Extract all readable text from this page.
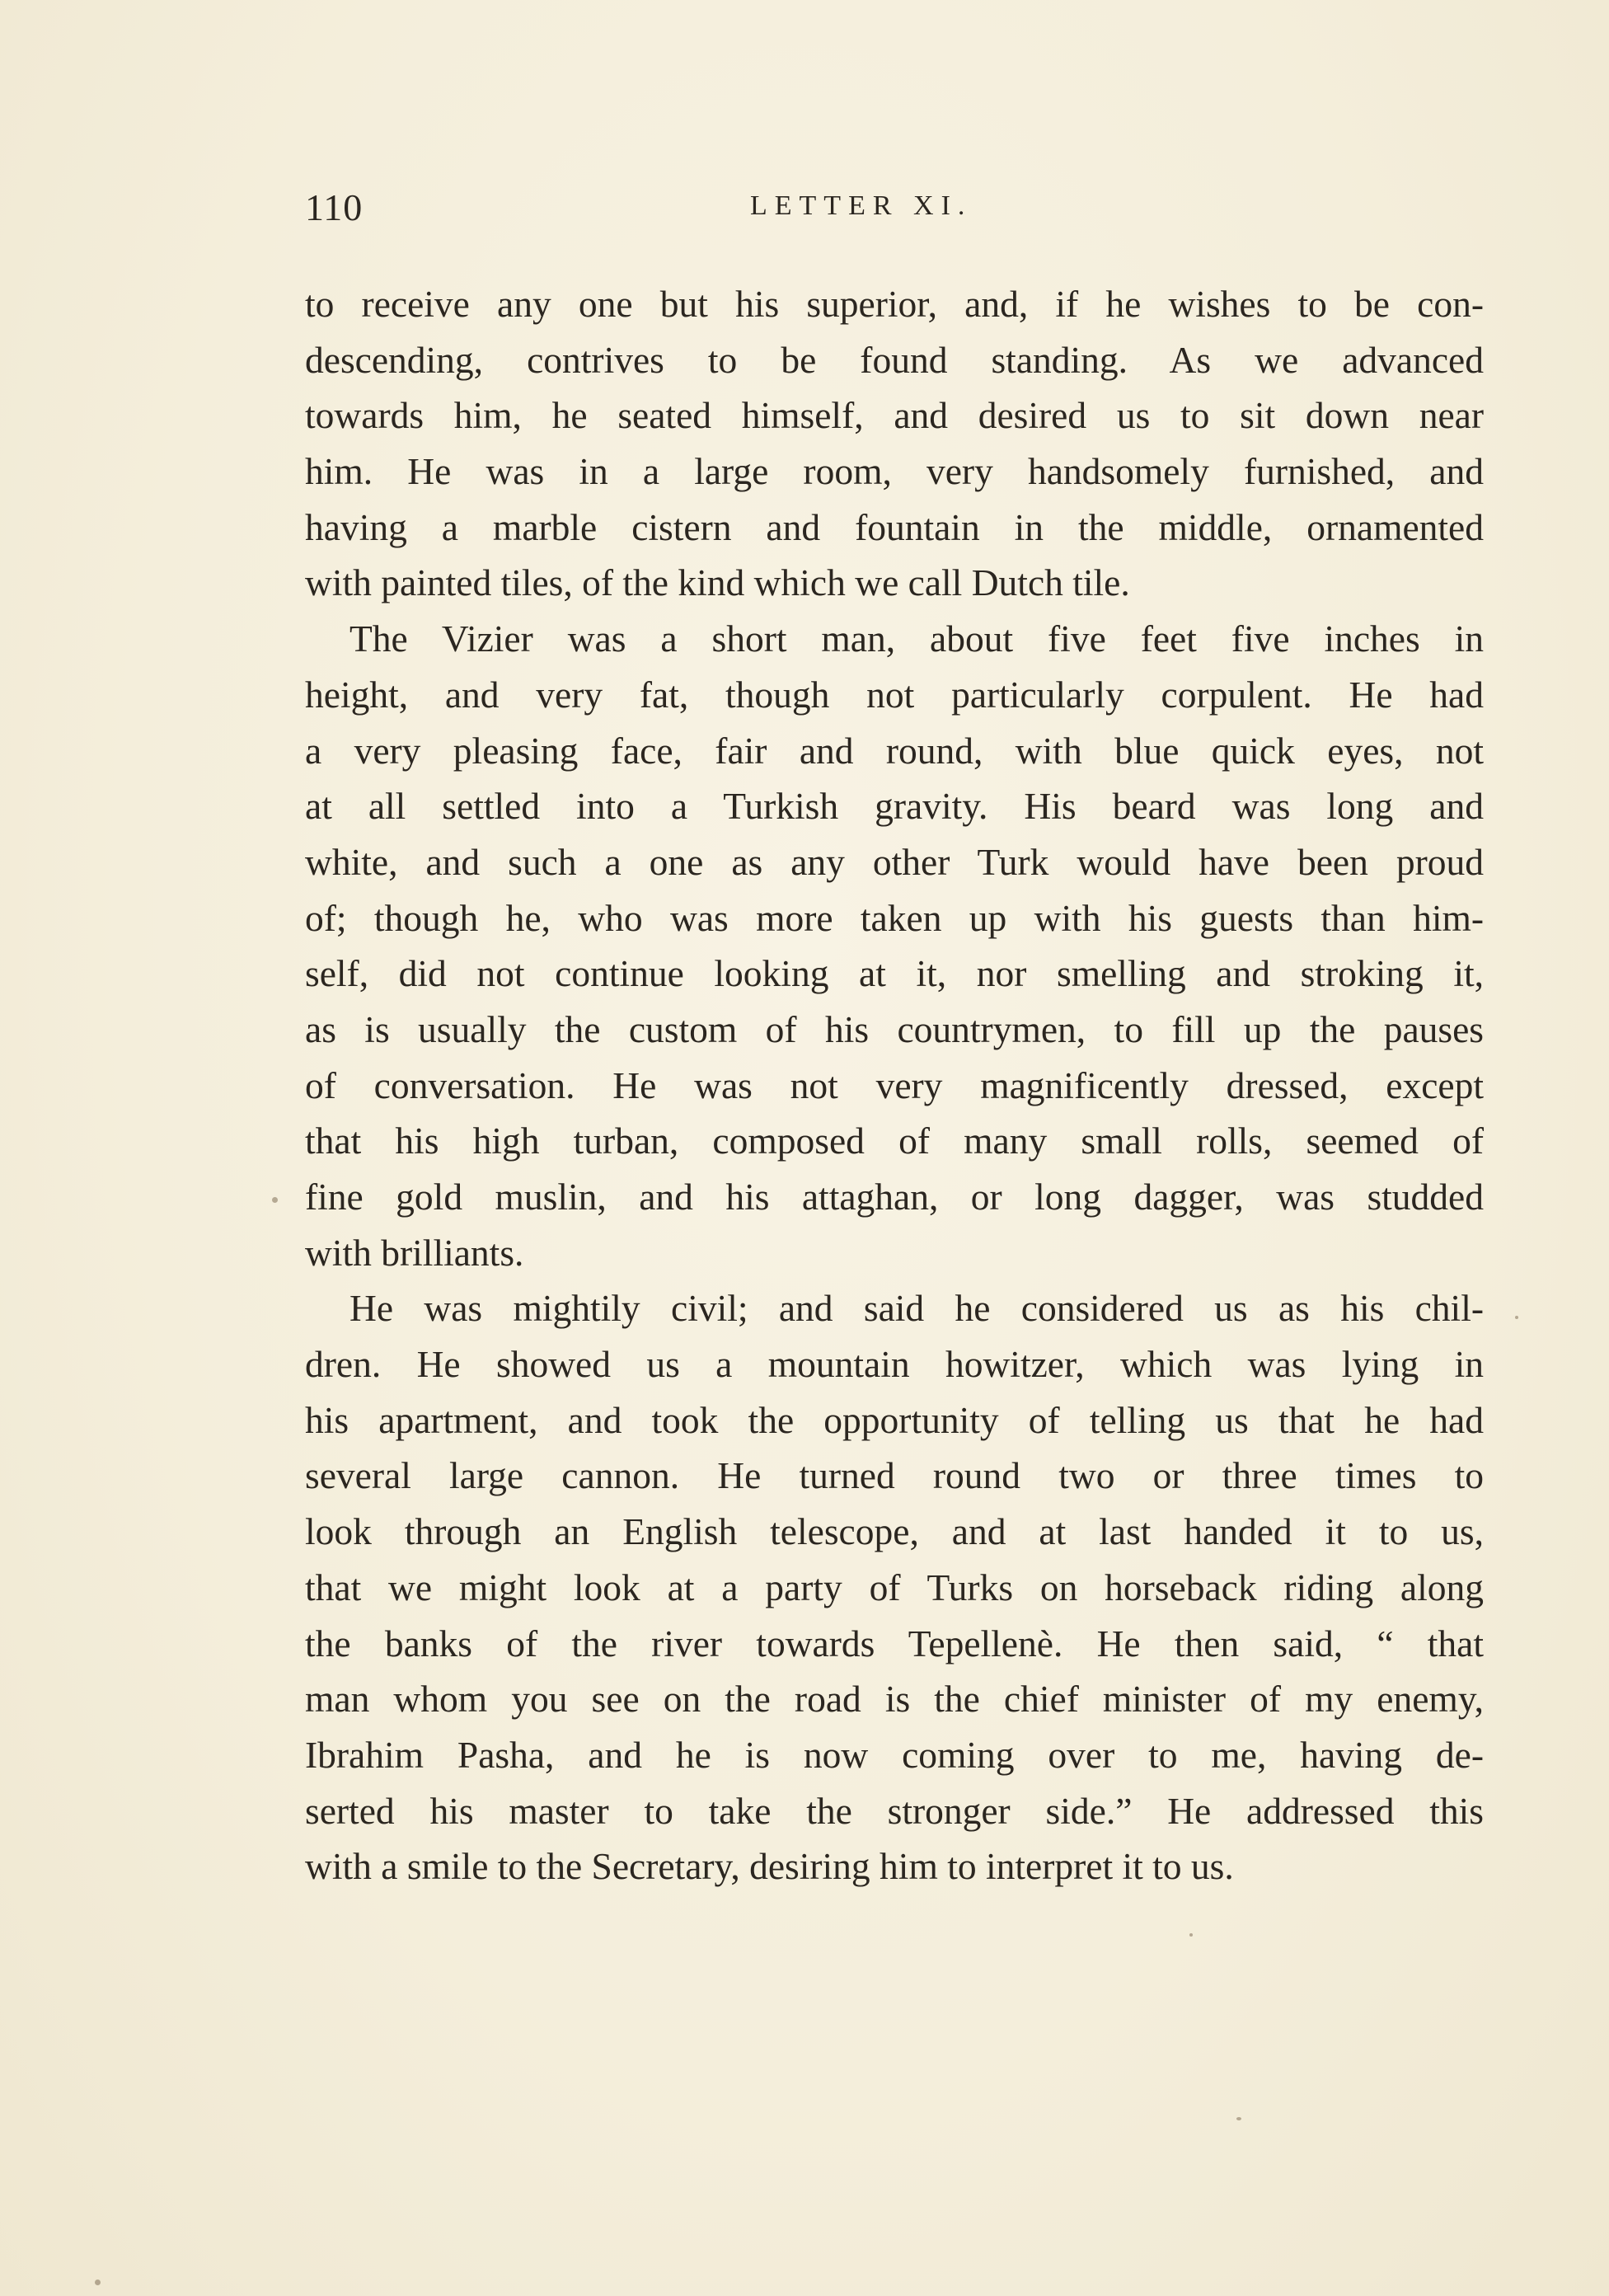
110	LETTER XI.
to receive any one but his superior, and, if he wishes to be con-
descending, contrives to be found standing. As we advanced
towards him, he seated himself, and desired us to sit down near
him. He was in a large room, very handsomely furnished, and
having a marble cistern and fountain in the middle, ornamented
with painted tiles, of the kind which we call Dutch tile.
The Vizier was a short man, about five feet five inches in
height, and very fat, though not particularly corpulent. He had
a very pleasing face, fair and round, with blue quick eyes, not
at all settled into a Turkish gravity. His beard was long and
white, and such a one as any other Turk would have been proud
of; though he, who was more taken up with his guests than him-
self, did not continue looking at it, nor smelling and stroking it,
as is usually the custom of his countrymen, to fill up the pauses
of conversation. He was not very magnificently dressed, except
that his high turban, composed of many small rolls, seemed of
fine gold muslin, and his attaghan, or long dagger, was studded
with brilliants.
He was mightily civil; and said he considered us as his chil-
dren. He showed us a mountain howitzer, which was lying in
his apartment, and took the opportunity of telling us that he had
several large cannon. He turned round two or three times to
look through an English telescope, and at last handed it to us,
that we might look at a party of Turks on horseback riding along
the banks of the river towards Tepellenè. He then said, “ that
man whom you see on the road is the chief minister of my enemy,
Ibrahim Pasha, and he is now coming over to me, having de-
serted his master to take the stronger side.” He addressed this
with a smile to the Secretary, desiring him to interpret it to us.
